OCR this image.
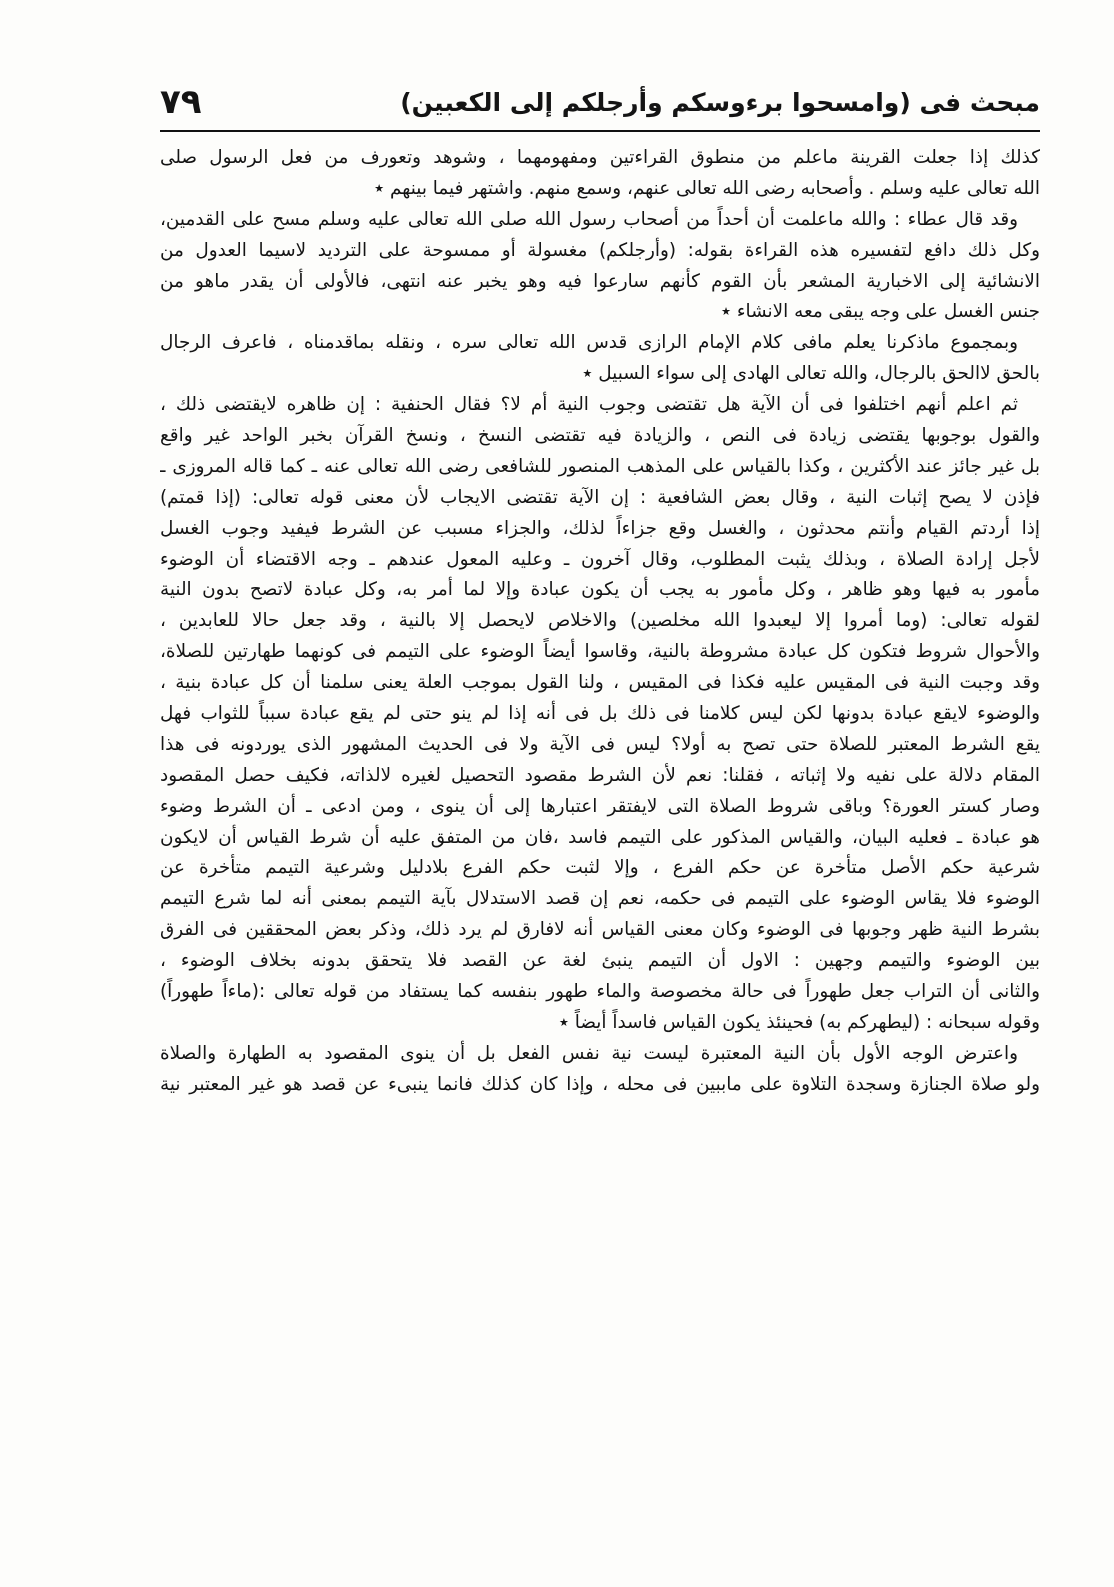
مبحث فی (وامسحوا برءوسکم وأرجلکم إلی الکعبین)
٧٩
كذلك إذا جعلت القرينة ماعلم من منطوق القراءتين ومفهومهما ، وشوهد وتعورف من فعل الرسول صلى
الله تعالى عليه وسلم . وأصحابه رضى الله تعالى عنهم، وسمع منهم. واشتهر فيما بينهم ٭
وقد قال عطاء : والله ماعلمت أن أحداً من أصحاب رسول الله صلى الله تعالى عليه وسلم مسح على القدمين،
وكل ذلك دافع لتفسيره هذه القراءة بقوله: (وأرجلكم) مغسولة أو ممسوحة على الترديد لاسيما العدول من
الانشائية إلى الاخبارية المشعر بأن القوم كأنهم سارعوا فيه وهو يخبر عنه انتهى، فالأولى أن يقدر ماهو من
جنس الغسل على وجه يبقى معه الانشاء ٭
وبمجموع ماذكرنا يعلم مافى كلام الإمام الرازى قدس الله تعالى سره ، ونقله بماقدمناه ، فاعرف الرجال
بالحق لاالحق بالرجال، والله تعالى الهادى إلى سواء السبيل ٭
ثم اعلم أنهم اختلفوا فى أن الآية هل تقتضى وجوب النية أم لا؟ فقال الحنفية : إن ظاهره لايقتضى ذلك ،
والقول بوجوبها يقتضى زيادة فى النص ، والزيادة فيه تقتضى النسخ ، ونسخ القرآن بخبر الواحد غير واقع
بل غير جائز عند الأكثرين ، وكذا بالقياس على المذهب المنصور للشافعى رضى الله تعالى عنه ـ كما قاله المروزى ـ
فإذن لا يصح إثبات النية ، وقال بعض الشافعية : إن الآية تقتضى الايجاب لأن معنى قوله تعالى: (إذا قمتم)
إذا أردتم القيام وأنتم محدثون ، والغسل وقع جزاءاً لذلك، والجزاء مسبب عن الشرط فيفيد وجوب الغسل
لأجل إرادة الصلاة ، وبذلك يثبت المطلوب، وقال آخرون ـ وعليه المعول عندهم ـ وجه الاقتضاء أن الوضوء
مأمور به فيها وهو ظاهر ، وكل مأمور به يجب أن يكون عبادة وإلا لما أمر به، وكل عبادة لاتصح بدون النية
لقوله تعالى: (وما أمروا إلا ليعبدوا الله مخلصين) والاخلاص لايحصل إلا بالنية ، وقد جعل حالا للعابدين ،
والأحوال شروط فتكون كل عبادة مشروطة بالنية، وقاسوا أيضاً الوضوء على التيمم فى كونهما طهارتين للصلاة،
وقد وجبت النية فى المقيس عليه فكذا فى المقيس ، ولنا القول بموجب العلة يعنى سلمنا أن كل عبادة بنية ،
والوضوء لايقع عبادة بدونها لكن ليس كلامنا فى ذلك بل فى أنه إذا لم ينو حتى لم يقع عبادة سبباً للثواب فهل
يقع الشرط المعتبر للصلاة حتى تصح به أولا؟ ليس فى الآية ولا فى الحديث المشهور الذى يوردونه فى هذا
المقام دلالة على نفيه ولا إثباته ، فقلنا: نعم لأن الشرط مقصود التحصيل لغيره لالذاته، فكيف حصل المقصود
وصار كستر العورة؟ وباقى شروط الصلاة التى لايفتقر اعتبارها إلى أن ينوى ، ومن ادعى ـ أن الشرط وضوء
هو عبادة ـ فعليه البيان، والقياس المذكور على التيمم فاسد ،فان من المتفق عليه أن شرط القياس أن لايكون
شرعية حكم الأصل متأخرة عن حكم الفرع ، وإلا لثبت حكم الفرع بلادليل وشرعية التيمم متأخرة عن
الوضوء فلا يقاس الوضوء على التيمم فى حكمه، نعم إن قصد الاستدلال بآية التيمم بمعنى أنه لما شرع التيمم
بشرط النية ظهر وجوبها فى الوضوء وكان معنى القياس أنه لافارق لم يرد ذلك، وذكر بعض المحققين فى الفرق
بين الوضوء والتيمم وجهين : الاول أن التيمم ينبئ لغة عن القصد فلا يتحقق بدونه بخلاف الوضوء ،
والثانى أن التراب جعل طهوراً فى حالة مخصوصة والماء طهور بنفسه كما يستفاد من قوله تعالى :(ماءاً طهوراً)
وقوله سبحانه : (ليطهركم به) فحينئذ يكون القياس فاسداً أيضاً ٭
واعترض الوجه الأول بأن النية المعتبرة ليست نية نفس الفعل بل أن ينوى المقصود به الطهارة والصلاة
ولو صلاة الجنازة وسجدة التلاوة على ماببين فى محله ، وإذا كان كذلك فانما ينبىء عن قصد هو غير المعتبر نية
